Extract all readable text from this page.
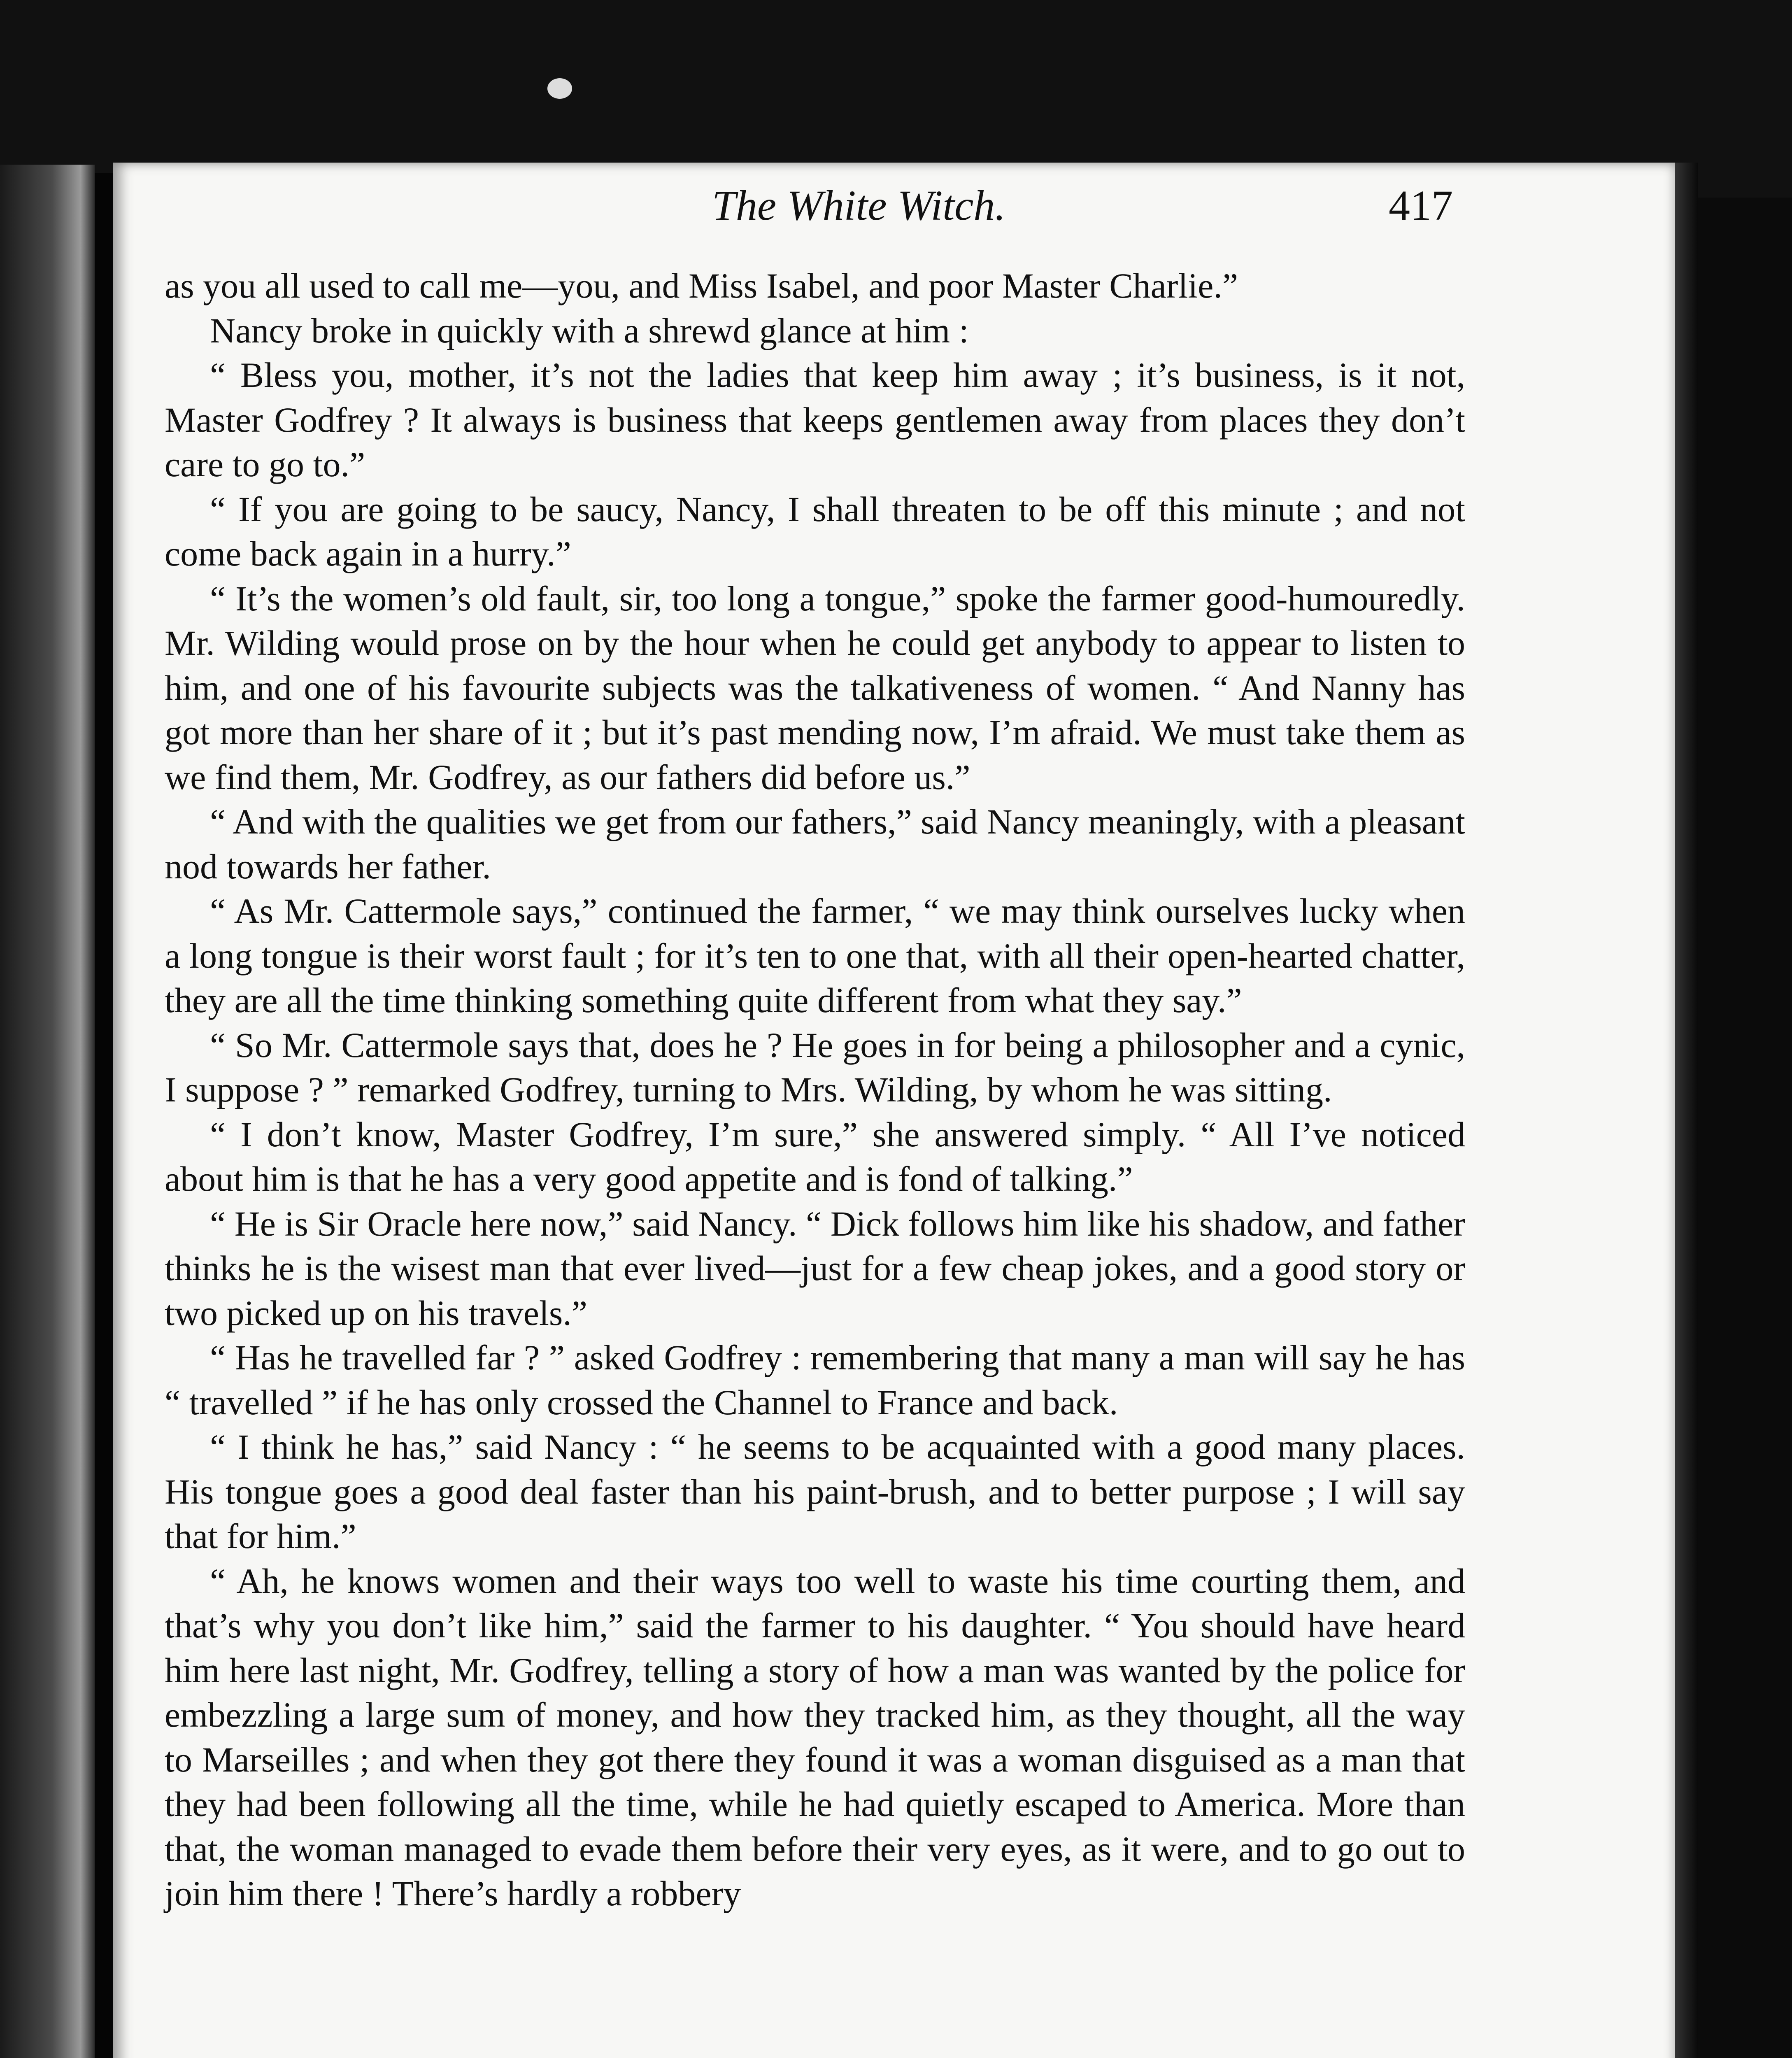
The White Witch.	417

as you all used to call me—you, and Miss Isabel, and poor Master Charlie.”

Nancy broke in quickly with a shrewd glance at him :

“ Bless you, mother, it’s not the ladies that keep him away ; it’s business, is it not, Master Godfrey ? It always is business that keeps gentlemen away from places they don’t care to go to.”

“ If you are going to be saucy, Nancy, I shall threaten to be off this minute ; and not come back again in a hurry.”

“ It’s the women’s old fault, sir, too long a tongue,” spoke the farmer good-humouredly. Mr. Wilding would prose on by the hour when he could get anybody to appear to listen to him, and one of his favourite subjects was the talkativeness of women. “ And Nanny has got more than her share of it ; but it’s past mending now, I’m afraid. We must take them as we find them, Mr. Godfrey, as our fathers did before us.”

“ And with the qualities we get from our fathers,” said Nancy meaningly, with a pleasant nod towards her father.

“ As Mr. Cattermole says,” continued the farmer, “ we may think ourselves lucky when a long tongue is their worst fault ; for it’s ten to one that, with all their open-hearted chatter, they are all the time thinking something quite different from what they say.”

“ So Mr. Cattermole says that, does he ? He goes in for being a philosopher and a cynic, I suppose ? ” remarked Godfrey, turning to Mrs. Wilding, by whom he was sitting.

“ I don’t know, Master Godfrey, I’m sure,” she answered simply. “ All I’ve noticed about him is that he has a very good appetite and is fond of talking.”

“ He is Sir Oracle here now,” said Nancy. “ Dick follows him like his shadow, and father thinks he is the wisest man that ever lived—just for a few cheap jokes, and a good story or two picked up on his travels.”

“ Has he travelled far ? ” asked Godfrey : remembering that many a man will say he has “ travelled ” if he has only crossed the Channel to France and back.

“ I think he has,” said Nancy : “ he seems to be acquainted with a good many places. His tongue goes a good deal faster than his paint-brush, and to better purpose ; I will say that for him.”

“ Ah, he knows women and their ways too well to waste his time courting them, and that’s why you don’t like him,” said the farmer to his daughter. “ You should have heard him here last night, Mr. Godfrey, telling a story of how a man was wanted by the police for embezzling a large sum of money, and how they tracked him, as they thought, all the way to Marseilles ; and when they got there they found it was a woman disguised as a man that they had been following all the time, while he had quietly escaped to America. More than that, the woman managed to evade them before their very eyes, as it were, and to go out to join him there ! There’s hardly a robbery
